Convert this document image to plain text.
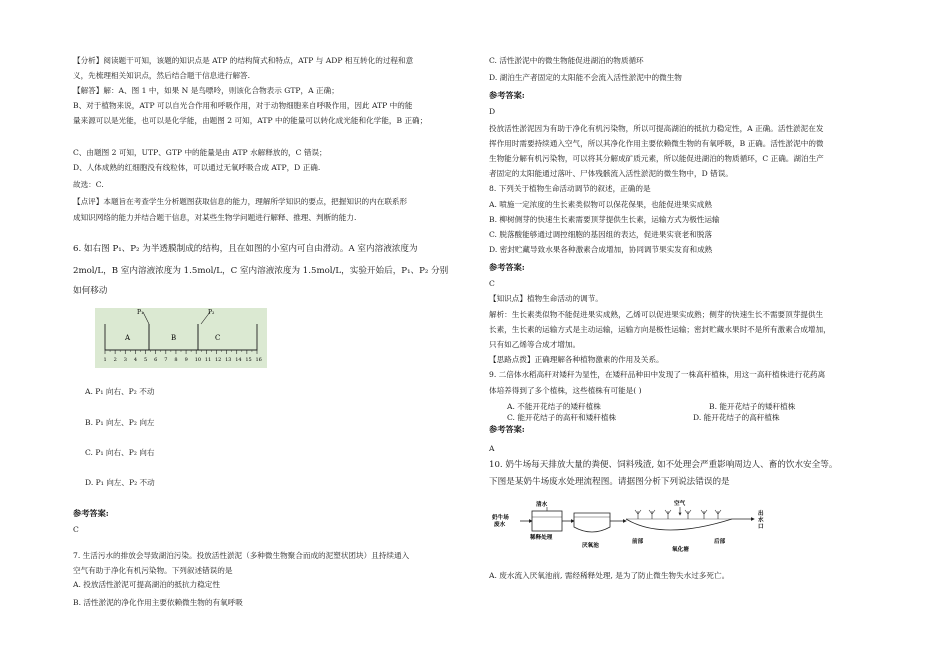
【分析】阅读题干可知，该题的知识点是 ATP 的结构简式和特点，ATP 与 ADP 相互转化的过程和意
义，先梳理相关知识点，然后结合题干信息进行解答.
【解答】解：A、图 1 中，如果 N 是鸟嘌呤，则该化合物表示 GTP，A 正确；
B、对于植物来说，ATP 可以自光合作用和呼吸作用，对于动物细胞来自呼吸作用，因此 ATP 中的能
量来源可以是光能，也可以是化学能，由题图 2 可知，ATP 中的能量可以转化成光能和化学能，B 正确；
C、由题图 2 可知，UTP、GTP 中的能量是由 ATP 水解释放的，C 错误；
D、人体成熟的红细胞没有线粒体，可以通过无氧呼吸合成 ATP，D 正确.
故选：C.
【点评】本题旨在考查学生分析题图获取信息的能力，理解所学知识的要点，把握知识的内在联系形
成知识网络的能力并结合题干信息，对某些生物学问题进行解释、推理、判断的能力.
6. 如右图 P₁、P₂ 为半透膜制成的结构，且在如图的小室内可自由滑动。A 室内溶液浓度为
2mol/L，B 室内溶液浓度为 1.5mol/L，C 室内溶液浓度为 1.5mol/L，实验开始后，P₁、P₂ 分别
如何移动
P₁	P₂
A	B	C
1 2 3 4 5 6 7 8 9 10 11 12 13 14 15 16
A. P₁ 向右、P₂ 不动
B. P₁ 向左、P₂ 向左
C. P₁ 向右、P₂ 向右
D. P₁ 向左、P₂ 不动
参考答案:
C
7. 生活污水的排放会导致湖泊污染。投放活性淤泥（多种微生物聚合而成的泥塑状团块）且持续通入
空气有助于净化有机污染物。下列叙述错误的是
A. 投放活性淤泥可提高湖泊的抵抗力稳定性
B. 活性淤泥的净化作用主要依赖微生物的有氧呼吸
C. 活性淤泥中的微生物能促进湖泊的物质循环
D. 湖泊生产者固定的太阳能不会流入活性淤泥中的微生物
参考答案:
D
投放活性淤泥因为有助于净化有机污染物，所以可提高湖泊的抵抗力稳定性，A 正确。活性淤泥在发
挥作用时需要持续通入空气，所以其净化作用主要依赖微生物的有氧呼吸，B 正确。活性淤泥中的微
生物能分解有机污染物，可以将其分解成矿质元素，所以能促进湖泊的物质循环，C 正确。湖泊生产
者固定的太阳能通过落叶、尸体残骸流入活性淤泥的微生物中，D 错误。
8. 下列关于植物生命活动调节的叙述，正确的是
A. 喷施一定浓度的生长素类似物可以保花保果，也能促进果实成熟
B. 柳树侧芽的快速生长素需要顶芽提供生长素，运输方式为极性运输
C. 脱落酸能够通过调控细胞的基因组的表达，促进果实衰老和脱落
D. 密封贮藏导致水果各种激素合成增加，协同调节果实发育和成熟
参考答案:
C
【知识点】植物生命活动的调节。
解析：生长素类似物不能促进果实成熟，乙烯可以促进果实成熟；侧芽的快速生长不需要顶芽提供生
长素，生长素的运输方式是主动运输，运输方向是极性运输；密封贮藏水果时不是所有激素合成增加，
只有如乙烯等合成才增加。
【思路点拨】正确理解各种植物激素的作用及关系。
9. 二倍体水稻高秆对矮秆为显性，在矮秆品种田中发现了一株高秆植株，用这一高秆植株进行花药离
体培养得到了多个植株，这些植株有可能是( )
A. 不能开花结子的矮秆植株	B. 能开花结子的矮秆植株
C. 能开花结子的高秆和矮秆植株	D. 能开花结子的高秆植株
参考答案:
A
10. 奶牛场每天排放大量的粪便、饲料残渣, 如不处理会严重影响周边人、畜的饮水安全等。
下图是某奶牛场废水处理流程图。请据图分析下列说法错误的是
奶牛场 废水
清水
稀释处理
厌氧池
空气
前部
氧化塘
后部
出 水 口
A. 废水流入厌氧池前, 需经稀释处理, 是为了防止微生物失水过多死亡。
